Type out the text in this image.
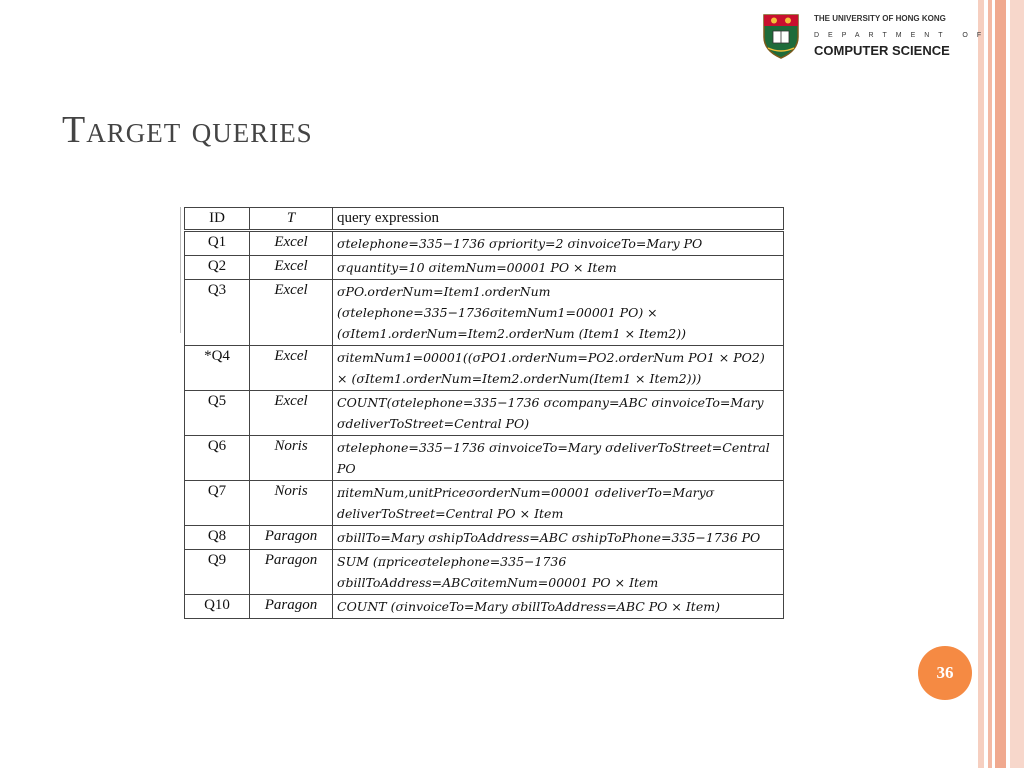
THE UNIVERSITY OF HONG KONG
DEPARTMENT OF
COMPUTER SCIENCE
Target queries
ID	T	query expression
Q1	Excel	σtelephone=335−1736 σpriority=2 σinvoiceTo=Mary PO
Q2	Excel	σquantity=10 σitemNum=00001 PO × Item
Q3	Excel	σPO.orderNum=Item1.orderNum (σtelephone=335−1736σitemNum1=00001 PO) × (σItem1.orderNum=Item2.orderNum (Item1 × Item2))
*Q4	Excel	σitemNum1=00001((σPO1.orderNum=PO2.orderNum PO1 × PO2) × (σItem1.orderNum=Item2.orderNum(Item1 × Item2)))
Q5	Excel	COUNT(σtelephone=335−1736 σcompany=ABC σinvoiceTo=Mary σdeliverToStreet=Central PO)
Q6	Noris	σtelephone=335−1736 σinvoiceTo=Mary σdeliverToStreet=Central PO
Q7	Noris	πitemNum,unitPriceσorderNum=00001 σdeliverTo=Maryσ deliverToStreet=Central PO × Item
Q8	Paragon	σbillTo=Mary σshipToAddress=ABC σshipToPhone=335−1736 PO
Q9	Paragon	SUM (πpriceσtelephone=335−1736 σbillToAddress=ABCσitemNum=00001 PO × Item
Q10	Paragon	COUNT (σinvoiceTo=Mary σbillToAddress=ABC PO × Item)
36
